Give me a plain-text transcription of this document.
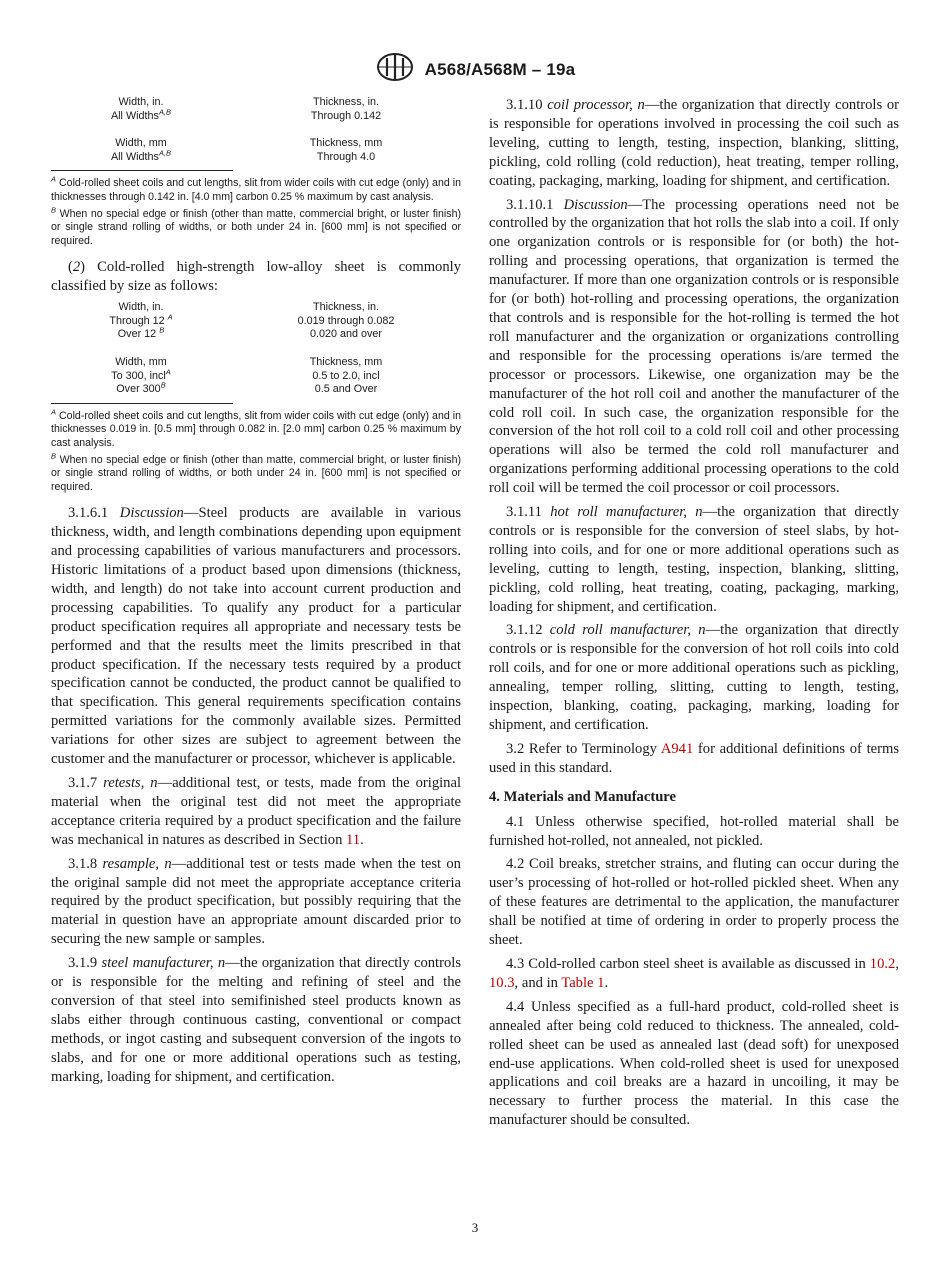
A568/A568M – 19a
Width, in.	Thickness, in.
All Widths$^{A,B}$	Through 0.142
Width, mm	Thickness, mm
All Widths$^{A,B}$	Through 4.0
$^A$ Cold-rolled sheet coils and cut lengths, slit from wider coils with cut edge (only) and in thicknesses through 0.142 in. [4.0 mm] carbon 0.25 % maximum by cast analysis.
$^B$ When no special edge or finish (other than matte, commercial bright, or luster finish) or single strand rolling of widths, or both under 24 in. [600 mm] is not specified or required.

(2) Cold-rolled high-strength low-alloy sheet is commonly classified by size as follows:

Width, in.	Thickness, in.
Through 12 $^A$	0.019 through 0.082
Over 12 $^B$	0.020 and over
Width, mm	Thickness, mm
To 300, incl$^A$	0.5 to 2.0, incl
Over $300^B$	0.5 and Over
$^A$ Cold-rolled sheet coils and cut lengths, slit from wider coils with cut edge (only) and in thicknesses 0.019 in. [0.5 mm] through 0.082 in. [2.0 mm] carbon 0.25 % maximum by cast analysis.
$^B$ When no special edge or finish (other than matte, commercial bright, or luster finish) or single strand rolling of widths, or both under 24 in. [600 mm] is not specified or required.

3.1.6.1 Discussion—Steel products are available in various thickness, width, and length combinations depending upon equipment and processing capabilities of various manufacturers and processors. Historic limitations of a product based upon dimensions (thickness, width, and length) do not take into account current production and processing capabilities. To qualify any product for a particular product specification requires all appropriate and necessary tests be performed and that the results meet the limits prescribed in that product specification. If the necessary tests required by a product specification cannot be conducted, the product cannot be qualified to that specification. This general requirements specification contains permitted variations for the commonly available sizes. Permitted variations for other sizes are subject to agreement between the customer and the manufacturer or processor, whichever is applicable.

3.1.7 retests, n—additional test, or tests, made from the original material when the original test did not meet the appropriate acceptance criteria required by a product specification and the failure was mechanical in natures as described in Section 11.

3.1.8 resample, n—additional test or tests made when the test on the original sample did not meet the appropriate acceptance criteria required by the product specification, but possibly requiring that the material in question have an appropriate amount discarded prior to securing the new sample or samples.

3.1.9 steel manufacturer, n—the organization that directly controls or is responsible for the melting and refining of steel and the conversion of that steel into semifinished steel products known as slabs either through continuous casting, conventional or compact methods, or ingot casting and subsequent conversion of the ingots to slabs, and for one or more additional operations such as testing, marking, loading for shipment, and certification.

3.1.10 coil processor, n—the organization that directly controls or is responsible for operations involved in processing the coil such as leveling, cutting to length, testing, inspection, blanking, slitting, pickling, cold rolling (cold reduction), heat treating, temper rolling, coating, packaging, marking, loading for shipment, and certification.

3.1.10.1 Discussion—The processing operations need not be controlled by the organization that hot rolls the slab into a coil. If only one organization controls or is responsible for (or both) the hot-rolling and processing operations, that organization is termed the manufacturer. If more than one organization controls or is responsible for (or both) hot-rolling and processing operations, the organization that controls and is responsible for the hot-rolling is termed the hot roll manufacturer and the organization or organizations controlling and responsible for the processing operations is/are termed the processor or processors. Likewise, one organization may be the manufacturer of the hot roll coil and another the manufacturer of the cold roll coil. In such case, the organization responsible for the conversion of the hot roll coil to a cold roll coil and other processing operations will also be termed the cold roll manufacturer and organizations performing additional processing operations to the cold roll coil will be termed the coil processor or coil processors.

3.1.11 hot roll manufacturer, n—the organization that directly controls or is responsible for the conversion of steel slabs, by hot-rolling into coils, and for one or more additional operations such as leveling, cutting to length, testing, inspection, blanking, slitting, pickling, cold rolling, heat treating, coating, packaging, marking, loading for shipment, and certification.

3.1.12 cold roll manufacturer, n—the organization that directly controls or is responsible for the conversion of hot roll coils into cold roll coils, and for one or more additional operations such as pickling, annealing, temper rolling, slitting, cutting to length, testing, inspection, blanking, coating, packaging, marking, loading for shipment, and certification.

3.2 Refer to Terminology A941 for additional definitions of terms used in this standard.

4. Materials and Manufacture

4.1 Unless otherwise specified, hot-rolled material shall be furnished hot-rolled, not annealed, not pickled.

4.2 Coil breaks, stretcher strains, and fluting can occur during the user’s processing of hot-rolled or hot-rolled pickled sheet. When any of these features are detrimental to the application, the manufacturer shall be notified at time of ordering in order to properly process the sheet.

4.3 Cold-rolled carbon steel sheet is available as discussed in 10.2, 10.3, and in Table 1.

4.4 Unless specified as a full-hard product, cold-rolled sheet is annealed after being cold reduced to thickness. The annealed, cold-rolled sheet can be used as annealed last (dead soft) for unexposed end-use applications. When cold-rolled sheet is used for unexposed applications and coil breaks are a hazard in uncoiling, it may be necessary to further process the material. In this case the manufacturer should be consulted.

3
